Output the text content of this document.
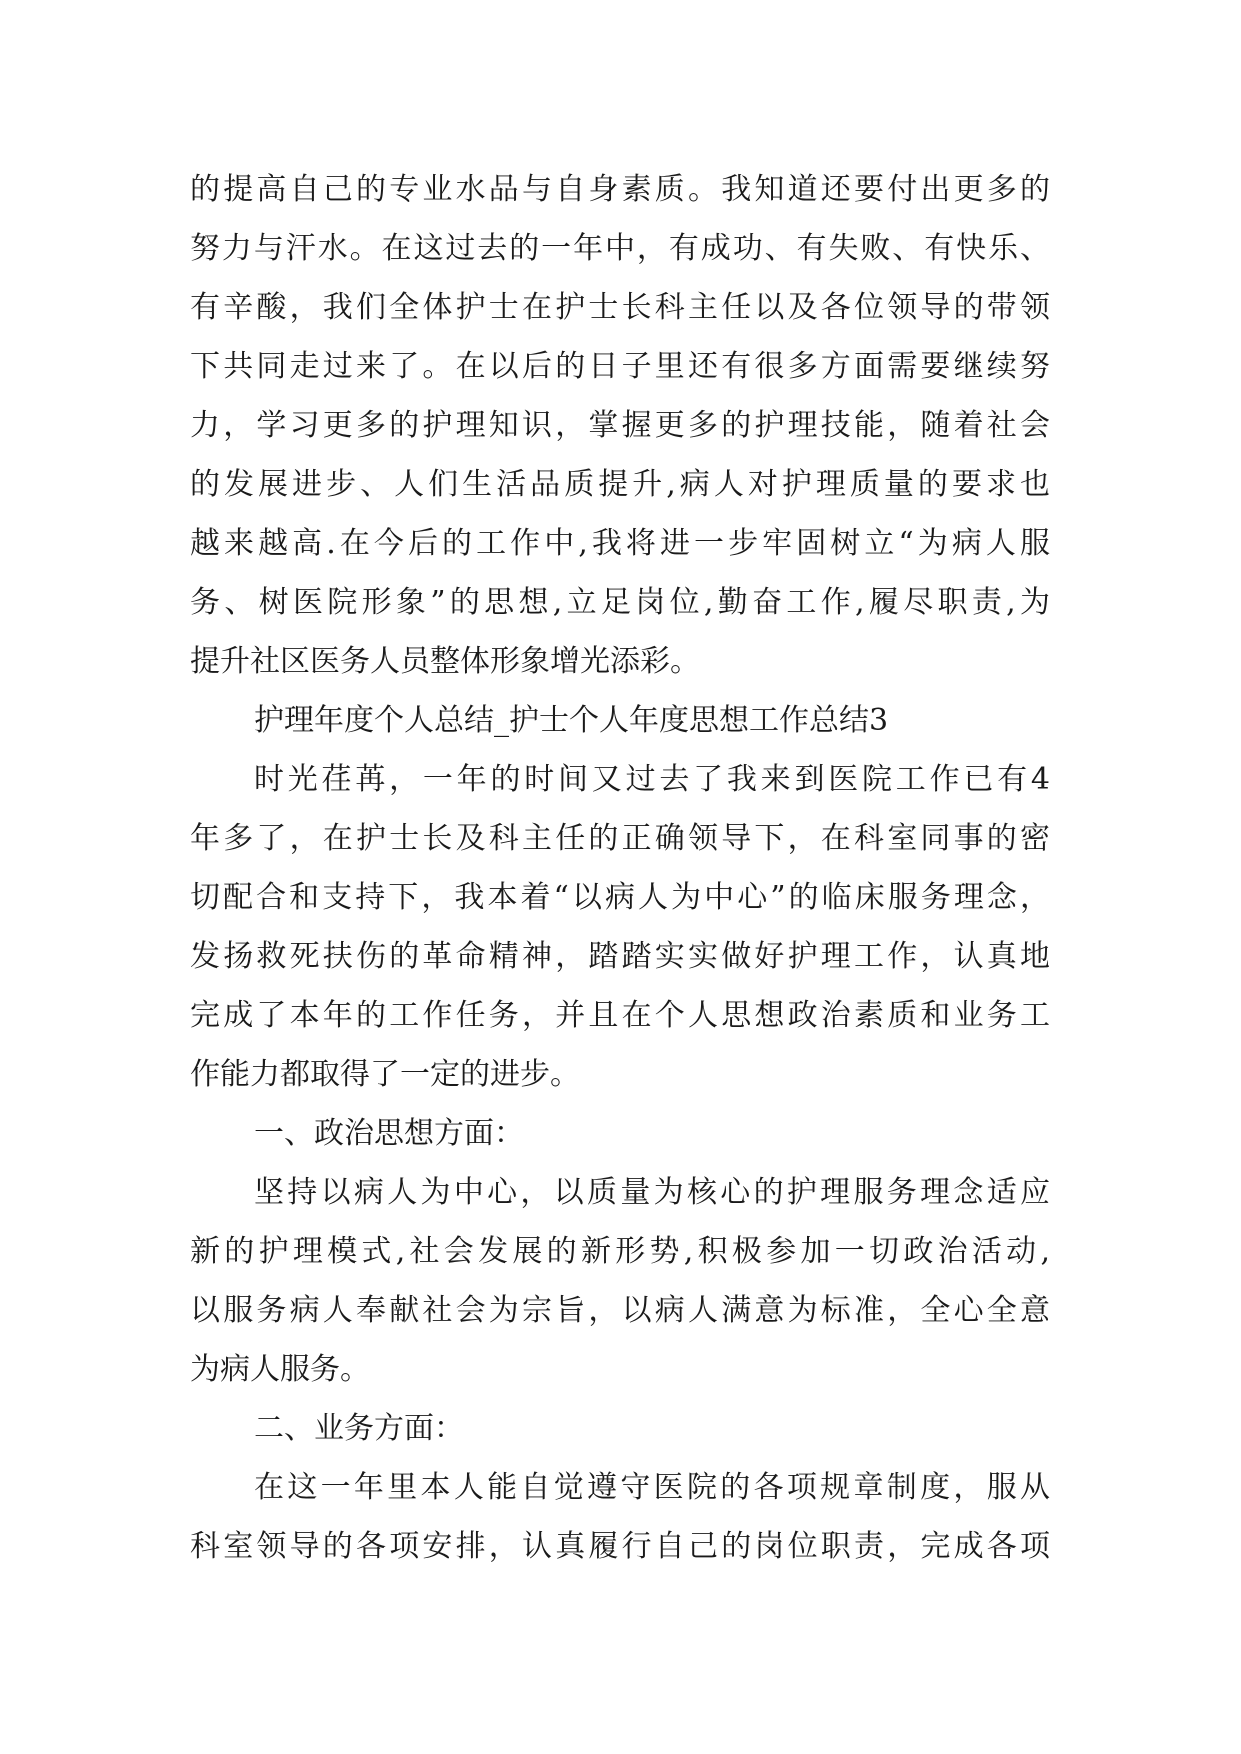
的提高自己的专业水品与自身素质。我知道还要付出更多的
努力与汗水。在这过去的一年中，有成功、有失败、有快乐、
有辛酸，我们全体护士在护士长科主任以及各位领导的带领
下共同走过来了。在以后的日子里还有很多方面需要继续努
力，学习更多的护理知识，掌握更多的护理技能，随着社会
的发展进步、人们生活品质提升,病人对护理质量的要求也
越来越高.在今后的工作中,我将进一步牢固树立“为病人服
务、树医院形象”的思想,立足岗位,勤奋工作,履尽职责,为
提升社区医务人员整体形象增光添彩。
护理年度个人总结_护士个人年度思想工作总结3
时光荏苒，一年的时间又过去了我来到医院工作已有4
年多了，在护士长及科主任的正确领导下，在科室同事的密
切配合和支持下，我本着“以病人为中心”的临床服务理念，
发扬救死扶伤的革命精神，踏踏实实做好护理工作，认真地
完成了本年的工作任务，并且在个人思想政治素质和业务工
作能力都取得了一定的进步。
一、政治思想方面：
坚持以病人为中心，以质量为核心的护理服务理念适应
新的护理模式,社会发展的新形势,积极参加一切政治活动,
以服务病人奉献社会为宗旨，以病人满意为标准，全心全意
为病人服务。
二、业务方面：
在这一年里本人能自觉遵守医院的各项规章制度，服从
科室领导的各项安排，认真履行自己的岗位职责，完成各项
